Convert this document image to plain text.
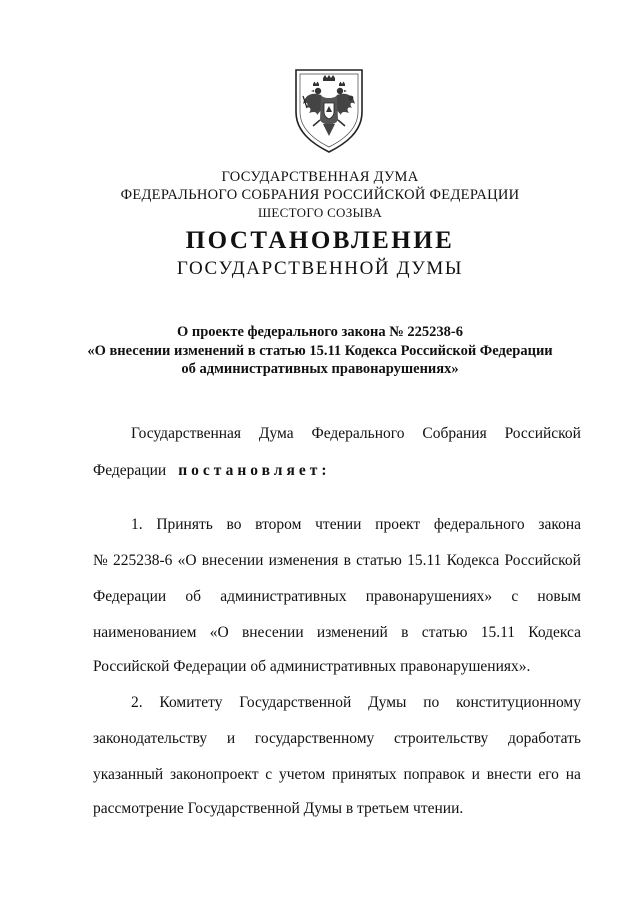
ГОСУДАРСТВЕННАЯ ДУМА
ФЕДЕРАЛЬНОГО СОБРАНИЯ РОССИЙСКОЙ ФЕДЕРАЦИИ
ШЕСТОГО СОЗЫВА
ПОСТАНОВЛЕНИЕ
ГОСУДАРСТВЕННОЙ ДУМЫ
О проекте федерального закона № 225238-6
«О внесении изменений в статью 15.11 Кодекса Российской Федерации
об административных правонарушениях»
Государственная Дума Федерального Собрания Российской
Федерации постановляет:
1. Принять во втором чтении проект федерального закона
№ 225238-6 «О внесении изменения в статью 15.11 Кодекса Российской
Федерации об административных правонарушениях» с новым
наименованием «О внесении изменений в статью 15.11 Кодекса
Российской Федерации об административных правонарушениях».
2. Комитету Государственной Думы по конституционному
законодательству и государственному строительству доработать
указанный законопроект с учетом принятых поправок и внести его на
рассмотрение Государственной Думы в третьем чтении.
